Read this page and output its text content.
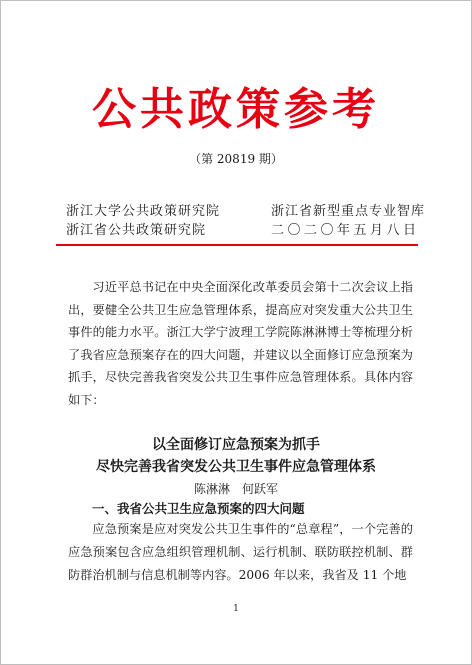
公共政策参考
（第 20819 期）
浙江大学公共政策研究院
浙江省公共政策研究院
浙江省新型重点专业智库
二〇二〇年五月八日

习近平总书记在中央全面深化改革委员会第十二次会议上指出，要健全公共卫生应急管理体系，提高应对突发重大公共卫生事件的能力水平。浙江大学宁波理工学院陈淋淋博士等梳理分析了我省应急预案存在的四大问题，并建议以全面修订应急预案为抓手，尽快完善我省突发公共卫生事件应急管理体系。具体内容如下：

以全面修订应急预案为抓手
尽快完善我省突发公共卫生事件应急管理体系
陈淋淋　何跃军
一、我省公共卫生应急预案的四大问题

应急预案是应对突发公共卫生事件的“总章程”，一个完善的应急预案包含应急组织管理机制、运行机制、联防联控机制、群防群治机制与信息机制等内容。2006 年以来，我省及 11 个地

1
